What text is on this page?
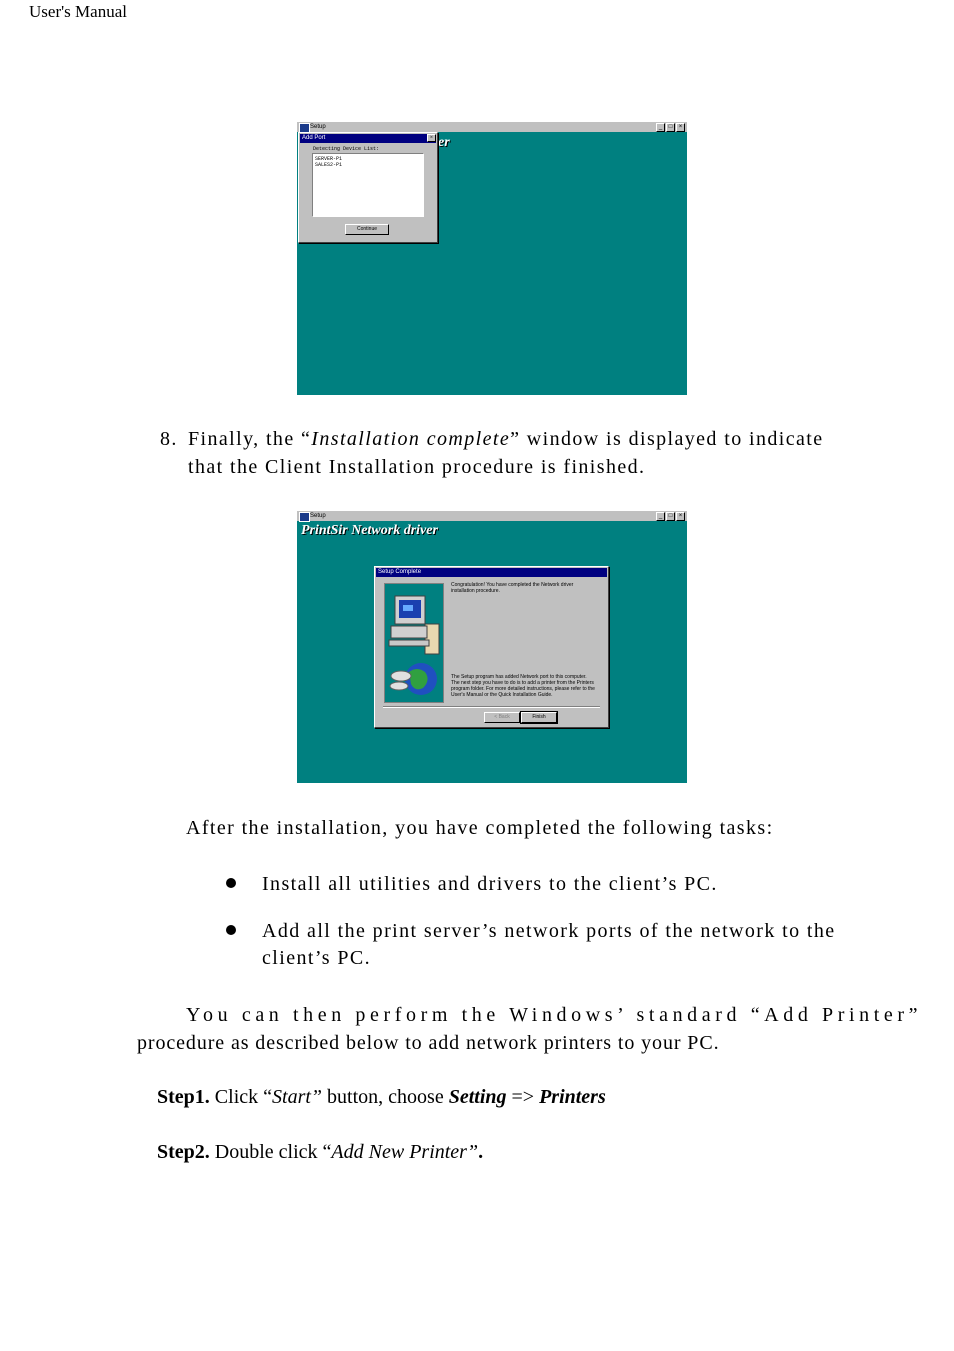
User's Manual
Setup	_	□	×
er
Add Port	×
Detecting Device List:
SERVER-P1
SALES2-P1
Continue
8. Finally, the “Installation complete” window is displayed to indicate
that the Client Installation procedure is finished.
Setup	_	□	×
PrintSir Network driver
Setup Complete
Congratulation! You have completed the Network driver installation procedure.
The Setup program has added Network port to this computer. The next step you have to do is to add a printer from the Printers program folder. For more detailed instructions, please refer to the User's Manual or the Quick Installation Guide.
< Back	Finish
After the installation, you have completed the following tasks:
Install all utilities and drivers to the client’s PC.
Add all the print server’s network ports of the network to the
client’s PC.
You can then perform the Windows’ standard “Add Printer”
procedure as described below to add network printers to your PC.
Step1. Click “Start” button, choose Setting => Printers
Step2. Double click “Add New Printer”.
